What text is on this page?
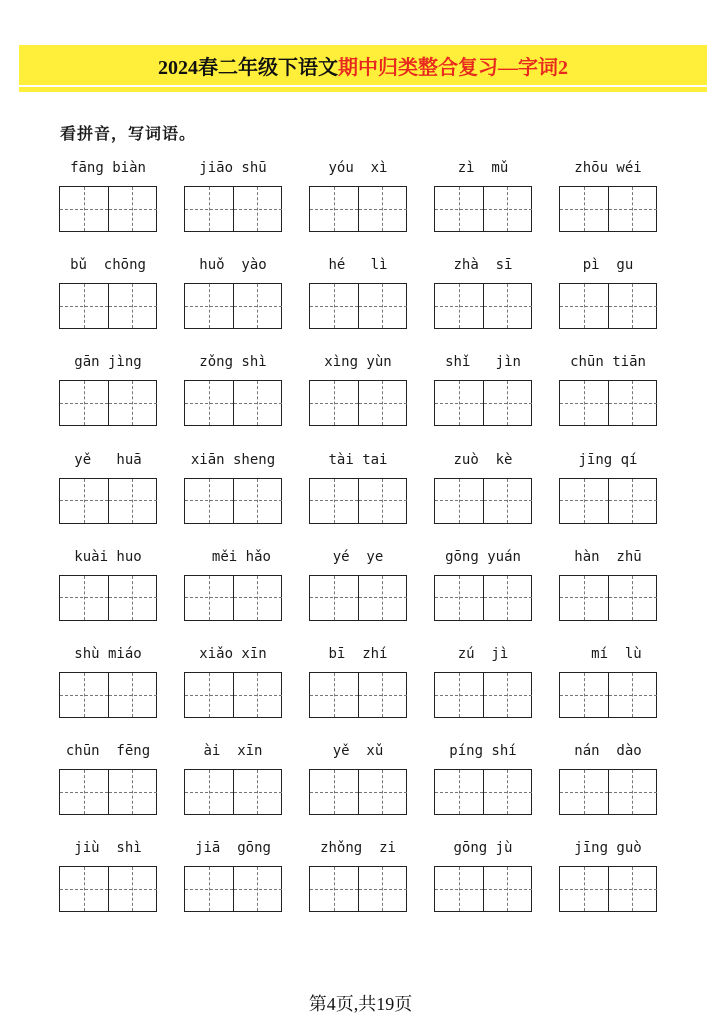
2024春二年级下语文 期中归类整合复习—字词2
看拼音，写词语。
fāng biàn	jiāo shū	yóu  xì	zì  mǔ	zhōu wéi
bǔ  chōng	huǒ  yào	hé   lì	zhà  sī	pì  gu
gān jìng	zǒng shì	xìng yùn	shǐ   jìn	chūn tiān
yě   huā	xiān sheng	tài tai	zuò  kè	jīng qí
kuài huo	měi hǎo	yé  ye	gōng yuán	hàn  zhū
shù miáo	xiǎo xīn	bī  zhí	zú  jì	mí  lù
chūn  fēng	ài  xīn	yě  xǔ	píng shí	nán  dào
jiù  shì	jiā  gōng	zhǒng  zi	gōng jù	jīng guò
第4页,共19页
